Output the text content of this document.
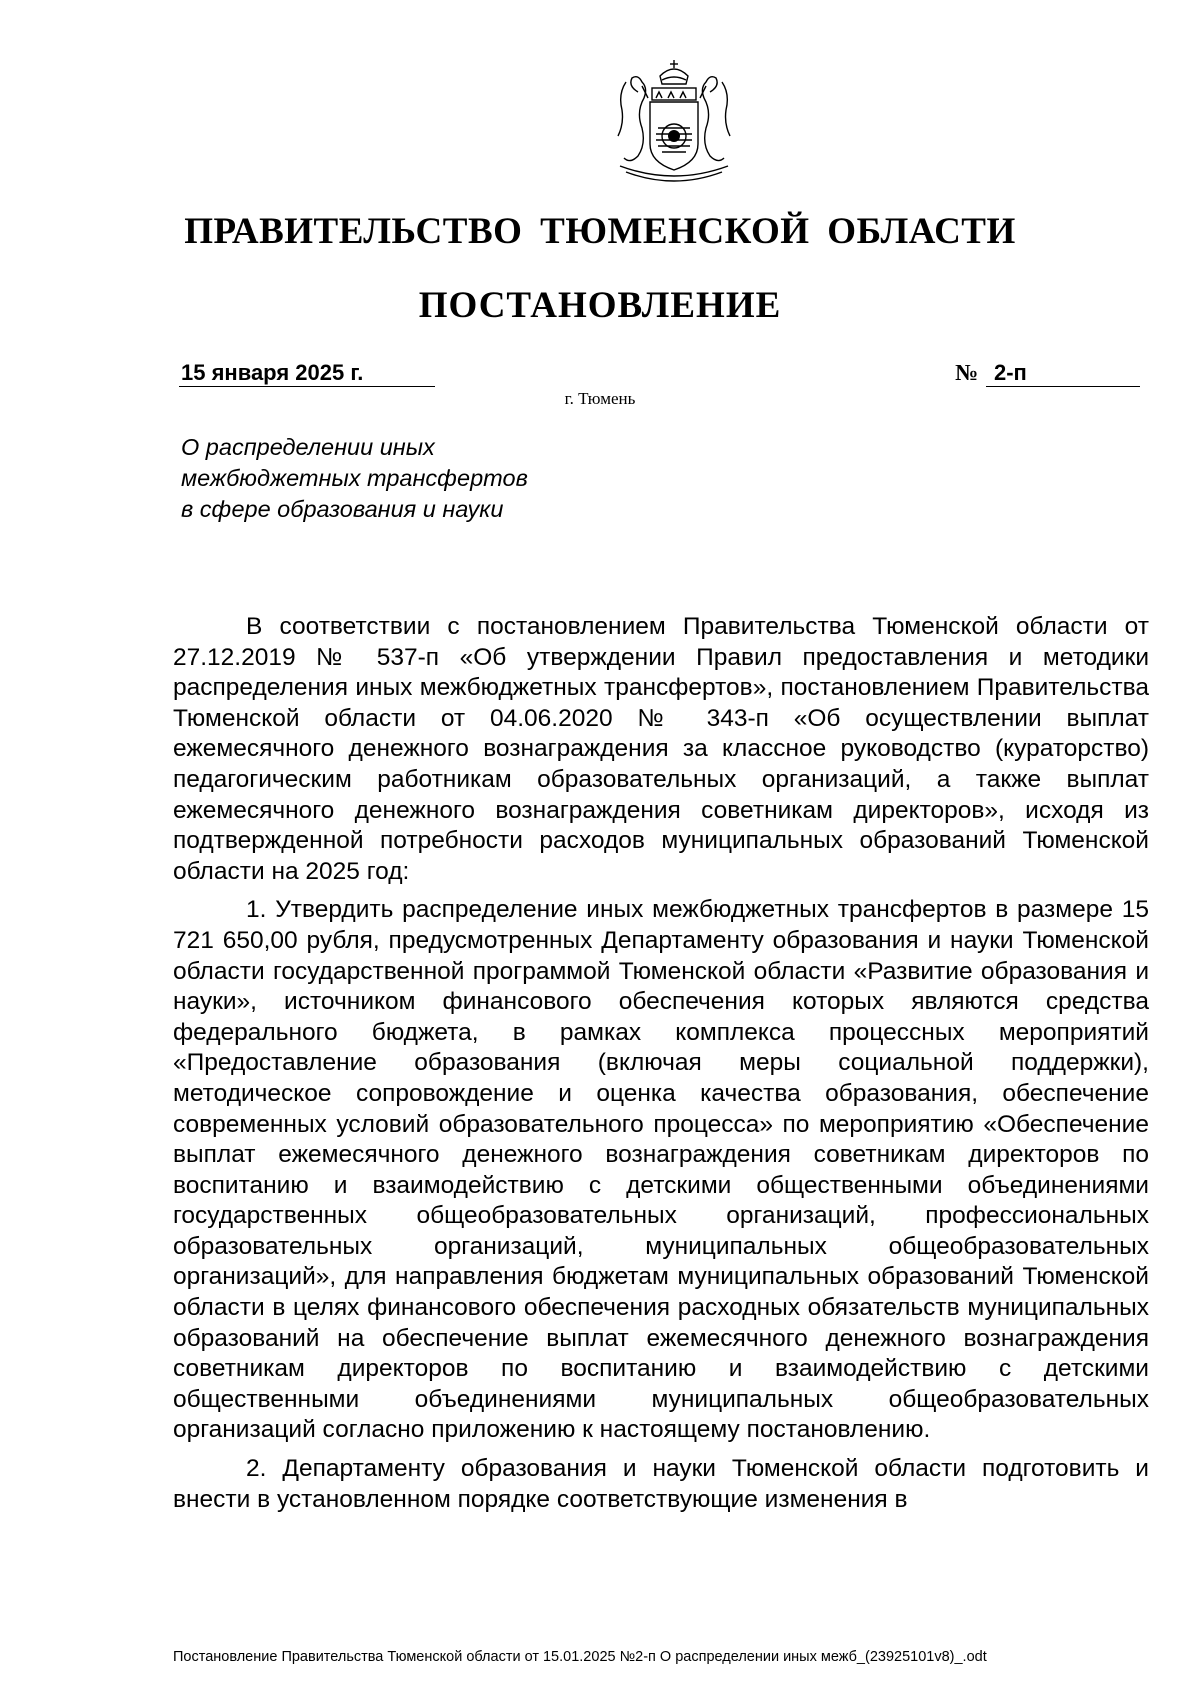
ПРАВИТЕЛЬСТВО ТЮМЕНСКОЙ ОБЛАСТИ
ПОСТАНОВЛЕНИЕ
15 января 2025 г.	№ 2-п
г. Тюмень
О распределении иных
межбюджетных трансфертов
в сфере образования и науки

В соответствии с постановлением Правительства Тюменской области от 27.12.2019 № 537-п «Об утверждении Правил предоставления и методики распределения иных межбюджетных трансфертов», постановлением Правительства Тюменской области от 04.06.2020 № 343-п «Об осуществлении выплат ежемесячного денежного вознаграждения за классное руководство (кураторство) педагогическим работникам образовательных организаций, а также выплат ежемесячного денежного вознаграждения советникам директоров», исходя из подтвержденной потребности расходов муниципальных образований Тюменской области на 2025 год:

1. Утвердить распределение иных межбюджетных трансфертов в размере 15 721 650,00 рубля, предусмотренных Департаменту образования и науки Тюменской области государственной программой Тюменской области «Развитие образования и науки», источником финансового обеспечения которых являются средства федерального бюджета, в рамках комплекса процессных мероприятий «Предоставление образования (включая меры социальной поддержки), методическое сопровождение и оценка качества образования, обеспечение современных условий образовательного процесса» по мероприятию «Обеспечение выплат ежемесячного денежного вознаграждения советникам директоров по воспитанию и взаимодействию с детскими общественными объединениями государственных общеобразовательных организаций, профессиональных образовательных организаций, муниципальных общеобразовательных организаций», для направления бюджетам муниципальных образований Тюменской области в целях финансового обеспечения расходных обязательств муниципальных образований на обеспечение выплат ежемесячного денежного вознаграждения советникам директоров по воспитанию и взаимодействию с детскими общественными объединениями муниципальных общеобразовательных организаций согласно приложению к настоящему постановлению.

2. Департаменту образования и науки Тюменской области подготовить и внести в установленном порядке соответствующие изменения в

Постановление Правительства Тюменской области от 15.01.2025 №2-п О распределении иных межб_(23925101v8)_.odt
